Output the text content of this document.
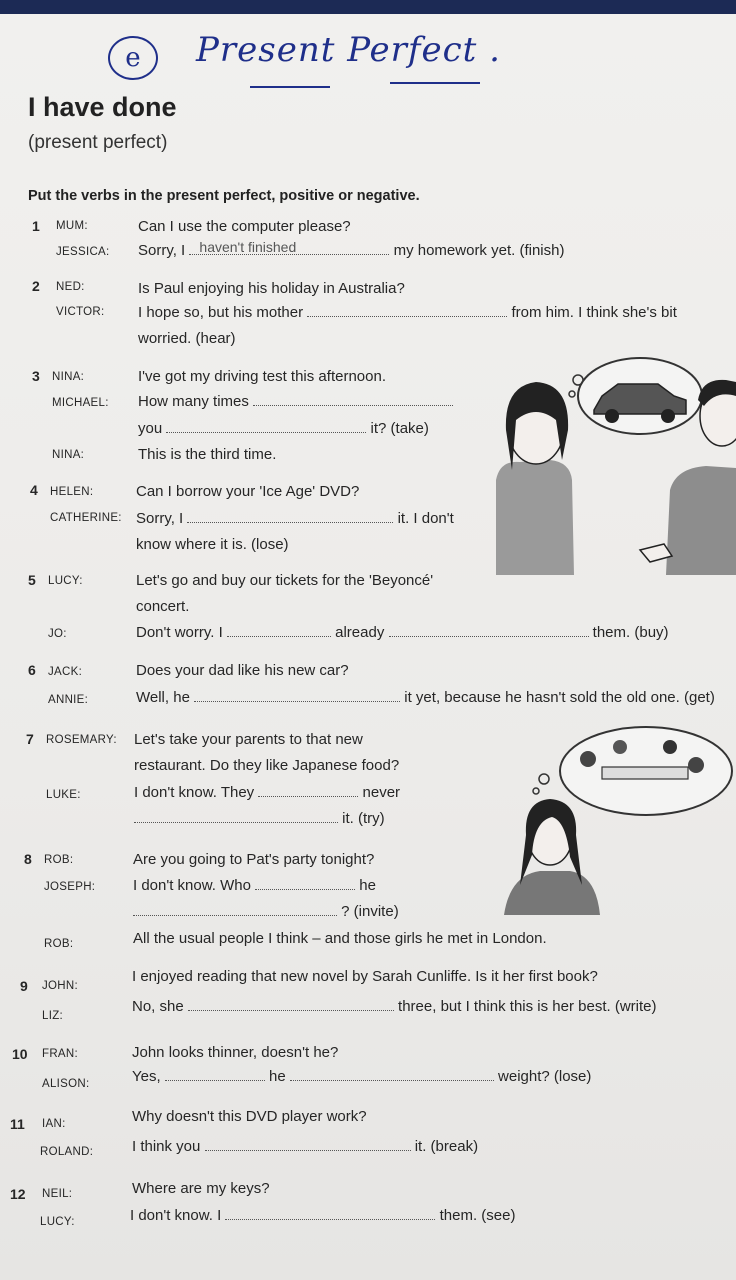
e	Present Perfect .
I have done
(present perfect)
Put the verbs in the present perfect, positive or negative.
1 MUM:	Can I use the computer please?
JESSICA: Sorry, I haven't finished	my homework yet. (finish)
2 NED:	Is Paul enjoying his holiday in Australia?
VICTOR: I hope so, but his mother	from him. I think she's bit
worried. (hear)
3 NINA:	I've got my driving test this afternoon.
MICHAEL: How many times
you	it? (take)
NINA:	This is the third time.
4 HELEN:	Can I borrow your 'Ice Age' DVD?
CATHERINE: Sorry, I	it. I don't
know where it is. (lose)
5 LUCY:	Let's go and buy our tickets for the 'Beyoncé'
concert.
JO:	Don't worry. I	already	them. (buy)
6 JACK:	Does your dad like his new car?
ANNIE:	Well, he	it yet, because he hasn't sold the old one. (get)
7 ROSEMARY: Let's take your parents to that new
restaurant. Do they like Japanese food?
LUKE:	I don't know. They	never
it. (try)
8 ROB:	Are you going to Pat's party tonight?
JOSEPH:	I don't know. Who	he
? (invite)
ROB:	All the usual people I think – and those girls he met in London.
9 JOHN:
I enjoyed reading that new novel by Sarah Cunliffe. Is it her first book?
LIZ:
No, she	three, but I think this is her best. (write)
10 FRAN:	John looks thinner, doesn't he?
ALISON:	Yes,	he	weight? (lose)
11 IAN:	Why doesn't this DVD player work?
ROLAND:	I think you	it. (break)
12 NEIL:	Where are my keys?
LUCY:	I don't know. I	them. (see)
